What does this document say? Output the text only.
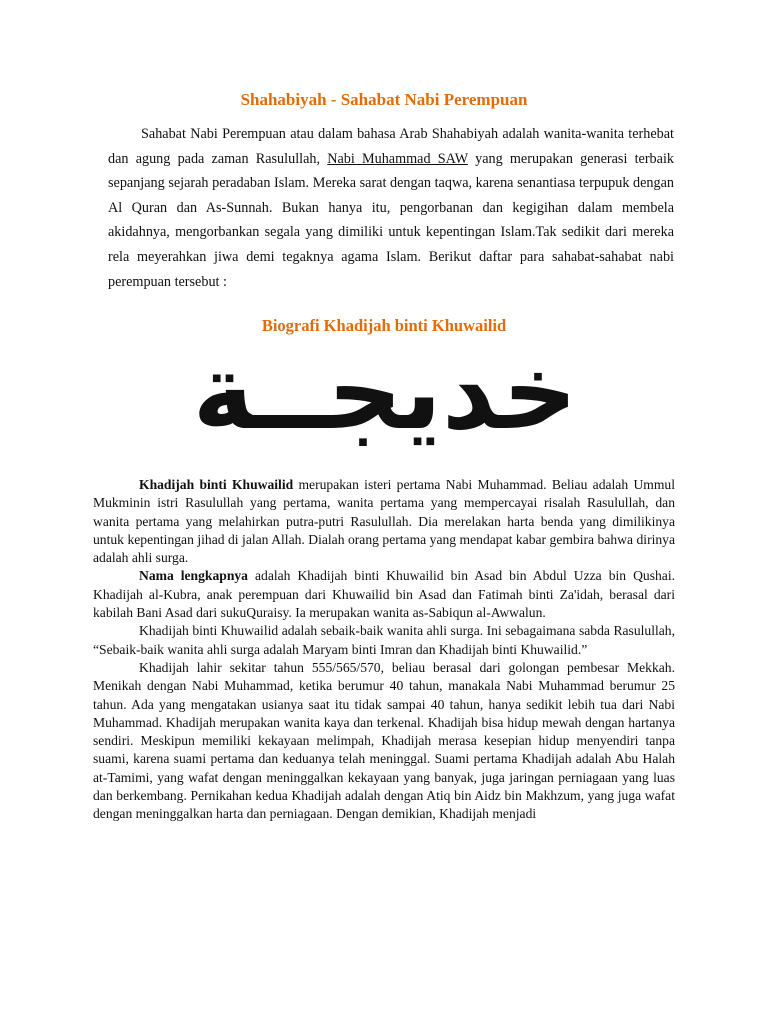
Shahabiyah - Sahabat Nabi Perempuan

Sahabat Nabi Perempuan atau dalam bahasa Arab Shahabiyah adalah wanita-wanita terhebat dan agung pada zaman Rasulullah, Nabi Muhammad SAW yang merupakan generasi terbaik sepanjang sejarah peradaban Islam. Mereka sarat dengan taqwa, karena senantiasa terpupuk dengan Al Quran dan As-Sunnah. Bukan hanya itu, pengorbanan dan kegigihan dalam membela akidahnya, mengorbankan segala yang dimiliki untuk kepentingan Islam.Tak sedikit dari mereka rela meyerahkan jiwa demi tegaknya agama Islam. Berikut daftar para sahabat-sahabat nabi perempuan tersebut :

Biografi Khadijah binti Khuwailid
خديجــة

Khadijah binti Khuwailid merupakan isteri pertama Nabi Muhammad. Beliau adalah Ummul Mukminin istri Rasulullah yang pertama, wanita pertama yang mempercayai risalah Rasulullah, dan wanita pertama yang melahirkan putra-putri Rasulullah. Dia merelakan harta benda yang dimilikinya untuk kepentingan jihad di jalan Allah. Dialah orang pertama yang mendapat kabar gembira bahwa dirinya adalah ahli surga.

Nama lengkapnya adalah Khadijah binti Khuwailid bin Asad bin Abdul Uzza bin Qushai. Khadijah al-Kubra, anak perempuan dari Khuwailid bin Asad dan Fatimah binti Za'idah, berasal dari kabilah Bani Asad dari sukuQuraisy. Ia merupakan wanita as-Sabiqun al-Awwalun.

Khadijah binti Khuwailid adalah sebaik-baik wanita ahli surga. Ini sebagaimana sabda Rasulullah, “Sebaik-baik wanita ahli surga adalah Maryam binti Imran dan Khadijah binti Khuwailid.”

Khadijah lahir sekitar tahun 555/565/570, beliau berasal dari golongan pembesar Mekkah. Menikah dengan Nabi Muhammad, ketika berumur 40 tahun, manakala Nabi Muhammad berumur 25 tahun. Ada yang mengatakan usianya saat itu tidak sampai 40 tahun, hanya sedikit lebih tua dari Nabi Muhammad. Khadijah merupakan wanita kaya dan terkenal. Khadijah bisa hidup mewah dengan hartanya sendiri. Meskipun memiliki kekayaan melimpah, Khadijah merasa kesepian hidup menyendiri tanpa suami, karena suami pertama dan keduanya telah meninggal. Suami pertama Khadijah adalah Abu Halah at-Tamimi, yang wafat dengan meninggalkan kekayaan yang banyak, juga jaringan perniagaan yang luas dan berkembang. Pernikahan kedua Khadijah adalah dengan Atiq bin Aidz bin Makhzum, yang juga wafat dengan meninggalkan harta dan perniagaan. Dengan demikian, Khadijah menjadi
